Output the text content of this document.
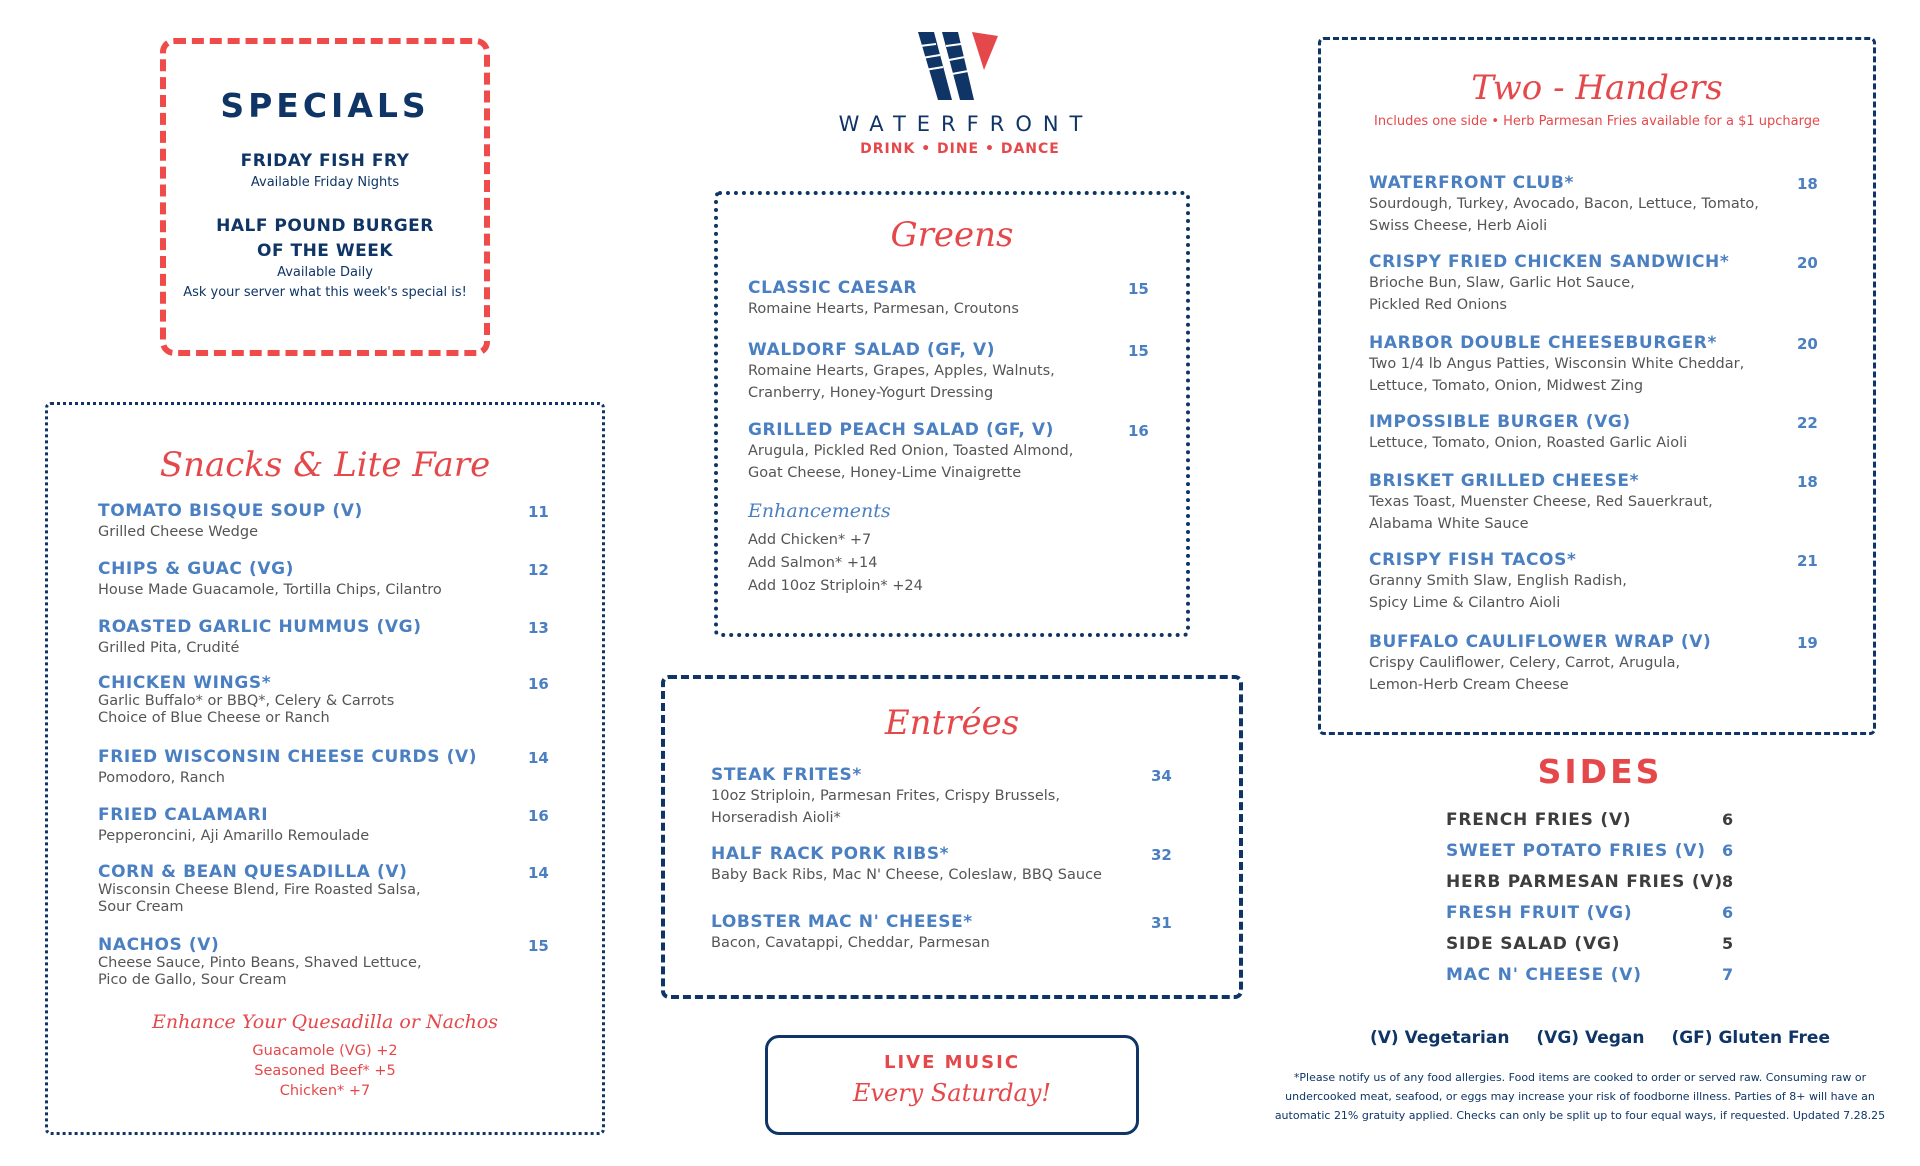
SPECIALS
FRIDAY FISH FRY
Available Friday Nights
HALF POUND BURGER
OF THE WEEK
Available Daily
Ask your server what this week's special is!
WATERFRONT
DRINK • DINE • DANCE
Greens
CLASSIC CAESAR
Romaine Hearts, Parmesan, Croutons
15
WALDORF SALAD (GF, V)
Romaine Hearts, Grapes, Apples, Walnuts, Cranberry, Honey-Yogurt Dressing
15
GRILLED PEACH SALAD (GF, V)
Arugula, Pickled Red Onion, Toasted Almond, Goat Cheese, Honey-Lime Vinaigrette
16
Enhancements
Add Chicken* +7
Add Salmon* +14
Add 10oz Striploin* +24
Snacks & Lite Fare
TOMATO BISQUE SOUP (V)
Grilled Cheese Wedge
11
CHIPS & GUAC (VG)
House Made Guacamole, Tortilla Chips, Cilantro
12
ROASTED GARLIC HUMMUS (VG)
Grilled Pita, Crudité
13
CHICKEN WINGS*
Garlic Buffalo* or BBQ*, Celery & Carrots Choice of Blue Cheese or Ranch
16
FRIED WISCONSIN CHEESE CURDS (V)
Pomodoro, Ranch
14
FRIED CALAMARI
Pepperoncini, Aji Amarillo Remoulade
16
CORN & BEAN QUESADILLA (V)
Wisconsin Cheese Blend, Fire Roasted Salsa, Sour Cream
14
NACHOS (V)
Cheese Sauce, Pinto Beans, Shaved Lettuce, Pico de Gallo, Sour Cream
15
Enhance Your Quesadilla or Nachos
Guacamole (VG) +2
Seasoned Beef* +5
Chicken* +7
Entrées
STEAK FRITES*
10oz Striploin, Parmesan Frites, Crispy Brussels, Horseradish Aioli*
34
HALF RACK PORK RIBS*
Baby Back Ribs, Mac N' Cheese, Coleslaw, BBQ Sauce
32
LOBSTER MAC N' CHEESE*
Bacon, Cavatappi, Cheddar, Parmesan
31
LIVE MUSIC
Every Saturday!
Two - Handers
Includes one side • Herb Parmesan Fries available for a $1 upcharge
WATERFRONT CLUB*
Sourdough, Turkey, Avocado, Bacon, Lettuce, Tomato, Swiss Cheese, Herb Aioli
18
CRISPY FRIED CHICKEN SANDWICH*
Brioche Bun, Slaw, Garlic Hot Sauce, Pickled Red Onions
20
HARBOR DOUBLE CHEESEBURGER*
Two 1/4 lb Angus Patties, Wisconsin White Cheddar, Lettuce, Tomato, Onion, Midwest Zing
20
IMPOSSIBLE BURGER (VG)
Lettuce, Tomato, Onion, Roasted Garlic Aioli
22
BRISKET GRILLED CHEESE*
Texas Toast, Muenster Cheese, Red Sauerkraut, Alabama White Sauce
18
CRISPY FISH TACOS*
Granny Smith Slaw, English Radish, Spicy Lime & Cilantro Aioli
21
BUFFALO CAULIFLOWER WRAP (V)
Crispy Cauliflower, Celery, Carrot, Arugula, Lemon-Herb Cream Cheese
19
SIDES
FRENCH FRIES (V)	6
SWEET POTATO FRIES (V) 6
HERB PARMESAN FRIES (V) 8
FRESH FRUIT (VG)	6
SIDE SALAD (VG)	5
MAC N' CHEESE (V)	7
(V) Vegetarian (VG) Vegan (GF) Gluten Free
*Please notify us of any food allergies. Food items are cooked to order or served raw. Consuming raw or
undercooked meat, seafood, or eggs may increase your risk of foodborne illness. Parties of 8+ will have an
automatic 21% gratuity applied. Checks can only be split up to four equal ways, if requested. Updated 7.28.25
